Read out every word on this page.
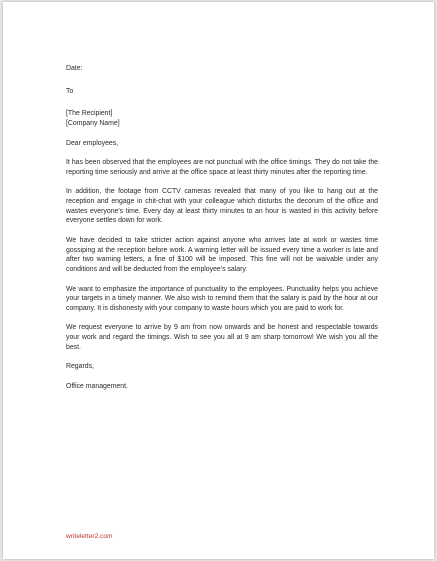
Date:

To

[The Recipient]

[Company Name]

Dear employees,

It has been observed that the employees are not punctual with the office timings. They do not take the reporting time seriously and arrive at the office space at least thirty minutes after the reporting time.

In addition, the footage from CCTV cameras revealed that many of you like to hang out at the reception and engage in chit-chat with your colleague which disturbs the decorum of the office and wastes everyone's time. Every day at least thirty minutes to an hour is wasted in this activity before everyone settles down for work.

We have decided to take stricter action against anyone who arrives late at work or wastes time gossiping at the reception before work. A warning letter will be issued every time a worker is late and after two warning letters, a fine of $100 will be imposed. This fine will not be waivable under any conditions and will be deducted from the employee's salary.

We want to emphasize the importance of punctuality to the employees. Punctuality helps you achieve your targets in a timely manner. We also wish to remind them that the salary is paid by the hour at our company. It is dishonesty with your company to waste hours which you are paid to work for.

We request everyone to arrive by 9 am from now onwards and be honest and respectable towards your work and regard the timings. Wish to see you all at 9 am sharp tomorrow! We wish you all the best.

Regards,

Office management.

writeletter2.com
